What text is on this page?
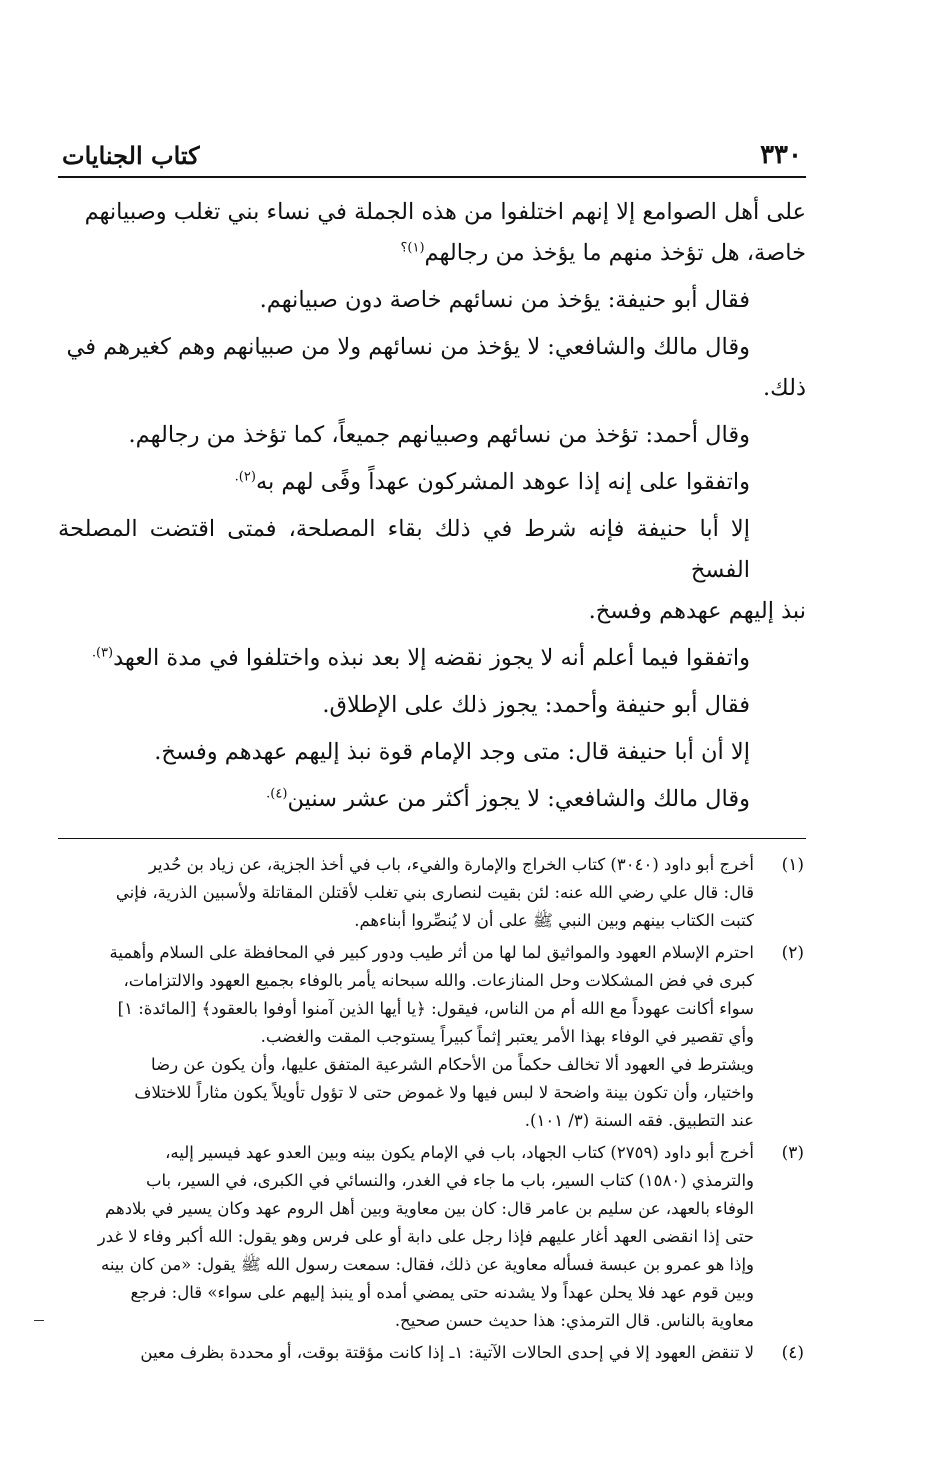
٣٣٠
كتاب الجنايات

على أهل الصوامع إلا إنهم اختلفوا من هذه الجملة في نساء بني تغلب وصبيانهم

خاصة، هل تؤخذ منهم ما يؤخذ من رجالهم$^{(١)؟}$

فقال أبو حنيفة: يؤخذ من نسائهم خاصة دون صبيانهم.

وقال مالك والشافعي: لا يؤخذ من نسائهم ولا من صبيانهم وهم كغيرهم في

ذلك.

وقال أحمد: تؤخذ من نسائهم وصبيانهم جميعاً، كما تؤخذ من رجالهم.

واتفقوا على إنه إذا عوهد المشركون عهداً وفًى لهم به$^{(٢).}$

إلا أبا حنيفة فإنه شرط في ذلك بقاء المصلحة، فمتى اقتضت المصلحة الفسخ

نبذ إليهم عهدهم وفسخ.

واتفقوا فيما أعلم أنه لا يجوز نقضه إلا بعد نبذه واختلفوا في مدة العهد$^{(٣).}$

فقال أبو حنيفة وأحمد: يجوز ذلك على الإطلاق.

إلا أن أبا حنيفة قال: متى وجد الإمام قوة نبذ إليهم عهدهم وفسخ.

وقال مالك والشافعي: لا يجوز أكثر من عشر سنين$^{(٤).}$

(١)

أخرج أبو داود (٣٠٤٠) كتاب الخراج والإمارة والفيء، باب في أخذ الجزية، عن زياد بن حُدير

قال: قال علي رضي الله عنه: لئن بقيت لنصارى بني تغلب لأقتلن المقاتلة ولأسبين الذرية، فإني

كتبت الكتاب بينهم وبين النبي ﷺ على أن لا يُنصِّروا أبناءهم.

(٢)

احترم الإسلام العهود والمواثيق لما لها من أثر طيب ودور كبير في المحافظة على السلام وأهمية

كبرى في فض المشكلات وحل المنازعات. والله سبحانه يأمر بالوفاء بجميع العهود والالتزامات،

سواء أكانت عهوداً مع الله أم من الناس، فيقول: ﴿يا أيها الذين آمنوا أوفوا بالعقود﴾ [المائدة: ١]

وأي تقصير في الوفاء بهذا الأمر يعتبر إثماً كبيراً يستوجب المقت والغضب.

ويشترط في العهود ألا تخالف حكماً من الأحكام الشرعية المتفق عليها، وأن يكون عن رضا

واختيار، وأن تكون بينة واضحة لا لبس فيها ولا غموض حتى لا تؤول تأويلاً يكون مثاراً للاختلاف

عند التطبيق. فقه السنة (٣/ ١٠١).

(٣)

أخرج أبو داود (٢٧٥٩) كتاب الجهاد، باب في الإمام يكون بينه وبين العدو عهد فيسير إليه،

والترمذي (١٥٨٠) كتاب السير، باب ما جاء في الغدر، والنسائي في الكبرى، في السير، باب

الوفاء بالعهد، عن سليم بن عامر قال: كان بين معاوية وبين أهل الروم عهد وكان يسير في بلادهم

حتى إذا انقضى العهد أغار عليهم فإذا رجل على دابة أو على فرس وهو يقول: الله أكبر وفاء لا غدر

وإذا هو عمرو بن عبسة فسأله معاوية عن ذلك، فقال: سمعت رسول الله ﷺ يقول: «من كان بينه

وبين قوم عهد فلا يحلن عهداً ولا يشدنه حتى يمضي أمده أو ينبذ إليهم على سواء» قال: فرجع

معاوية بالناس. قال الترمذي: هذا حديث حسن صحيح.

(٤)

لا تنقض العهود إلا في إحدى الحالات الآتية: ١ـ إذا كانت مؤقتة بوقت، أو محددة بظرف معين
